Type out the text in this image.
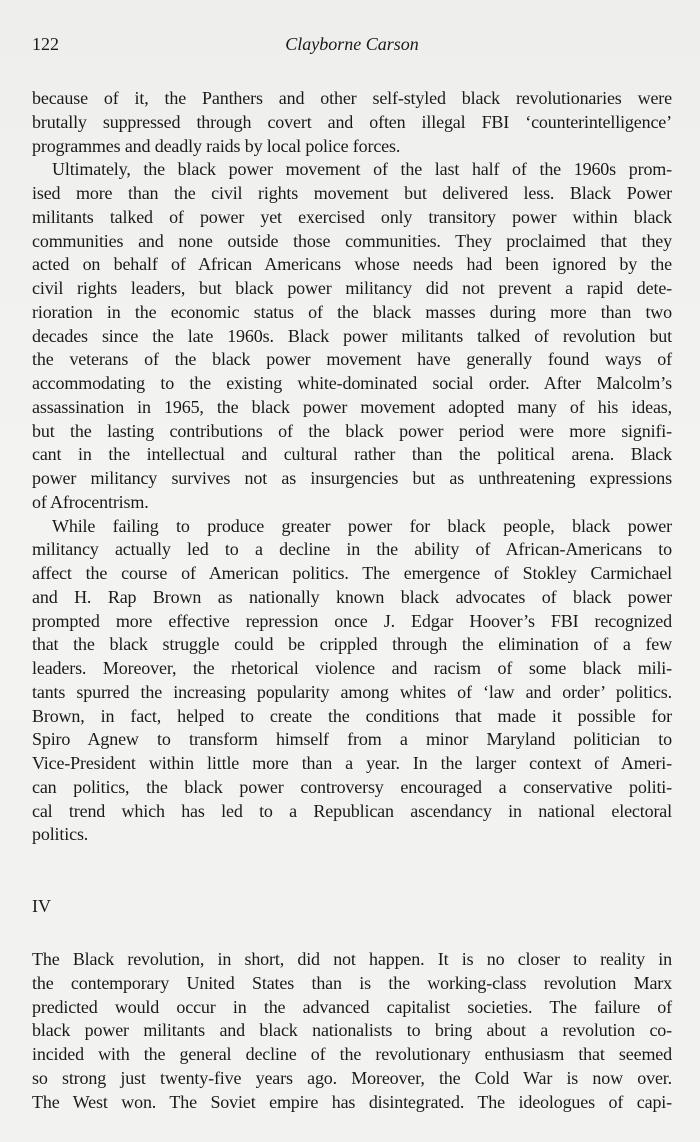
122	Clayborne Carson
because of it, the Panthers and other self-styled black revolutionaries were
brutally suppressed through covert and often illegal FBI ‘counterintelligence’
programmes and deadly raids by local police forces.
Ultimately, the black power movement of the last half of the 1960s prom-
ised more than the civil rights movement but delivered less. Black Power
militants talked of power yet exercised only transitory power within black
communities and none outside those communities. They proclaimed that they
acted on behalf of African Americans whose needs had been ignored by the
civil rights leaders, but black power militancy did not prevent a rapid dete-
rioration in the economic status of the black masses during more than two
decades since the late 1960s. Black power militants talked of revolution but
the veterans of the black power movement have generally found ways of
accommodating to the existing white-dominated social order. After Malcolm’s
assassination in 1965, the black power movement adopted many of his ideas,
but the lasting contributions of the black power period were more signifi-
cant in the intellectual and cultural rather than the political arena. Black
power militancy survives not as insurgencies but as unthreatening expressions
of Afrocentrism.
While failing to produce greater power for black people, black power
militancy actually led to a decline in the ability of African-Americans to
affect the course of American politics. The emergence of Stokley Carmichael
and H. Rap Brown as nationally known black advocates of black power
prompted more effective repression once J. Edgar Hoover’s FBI recognized
that the black struggle could be crippled through the elimination of a few
leaders. Moreover, the rhetorical violence and racism of some black mili-
tants spurred the increasing popularity among whites of ‘law and order’ politics.
Brown, in fact, helped to create the conditions that made it possible for
Spiro Agnew to transform himself from a minor Maryland politician to
Vice-President within little more than a year. In the larger context of Ameri-
can politics, the black power controversy encouraged a conservative politi-
cal trend which has led to a Republican ascendancy in national electoral
politics.
IV
The Black revolution, in short, did not happen. It is no closer to reality in
the contemporary United States than is the working-class revolution Marx
predicted would occur in the advanced capitalist societies. The failure of
black power militants and black nationalists to bring about a revolution co-
incided with the general decline of the revolutionary enthusiasm that seemed
so strong just twenty-five years ago. Moreover, the Cold War is now over.
The West won. The Soviet empire has disintegrated. The ideologues of capi-
